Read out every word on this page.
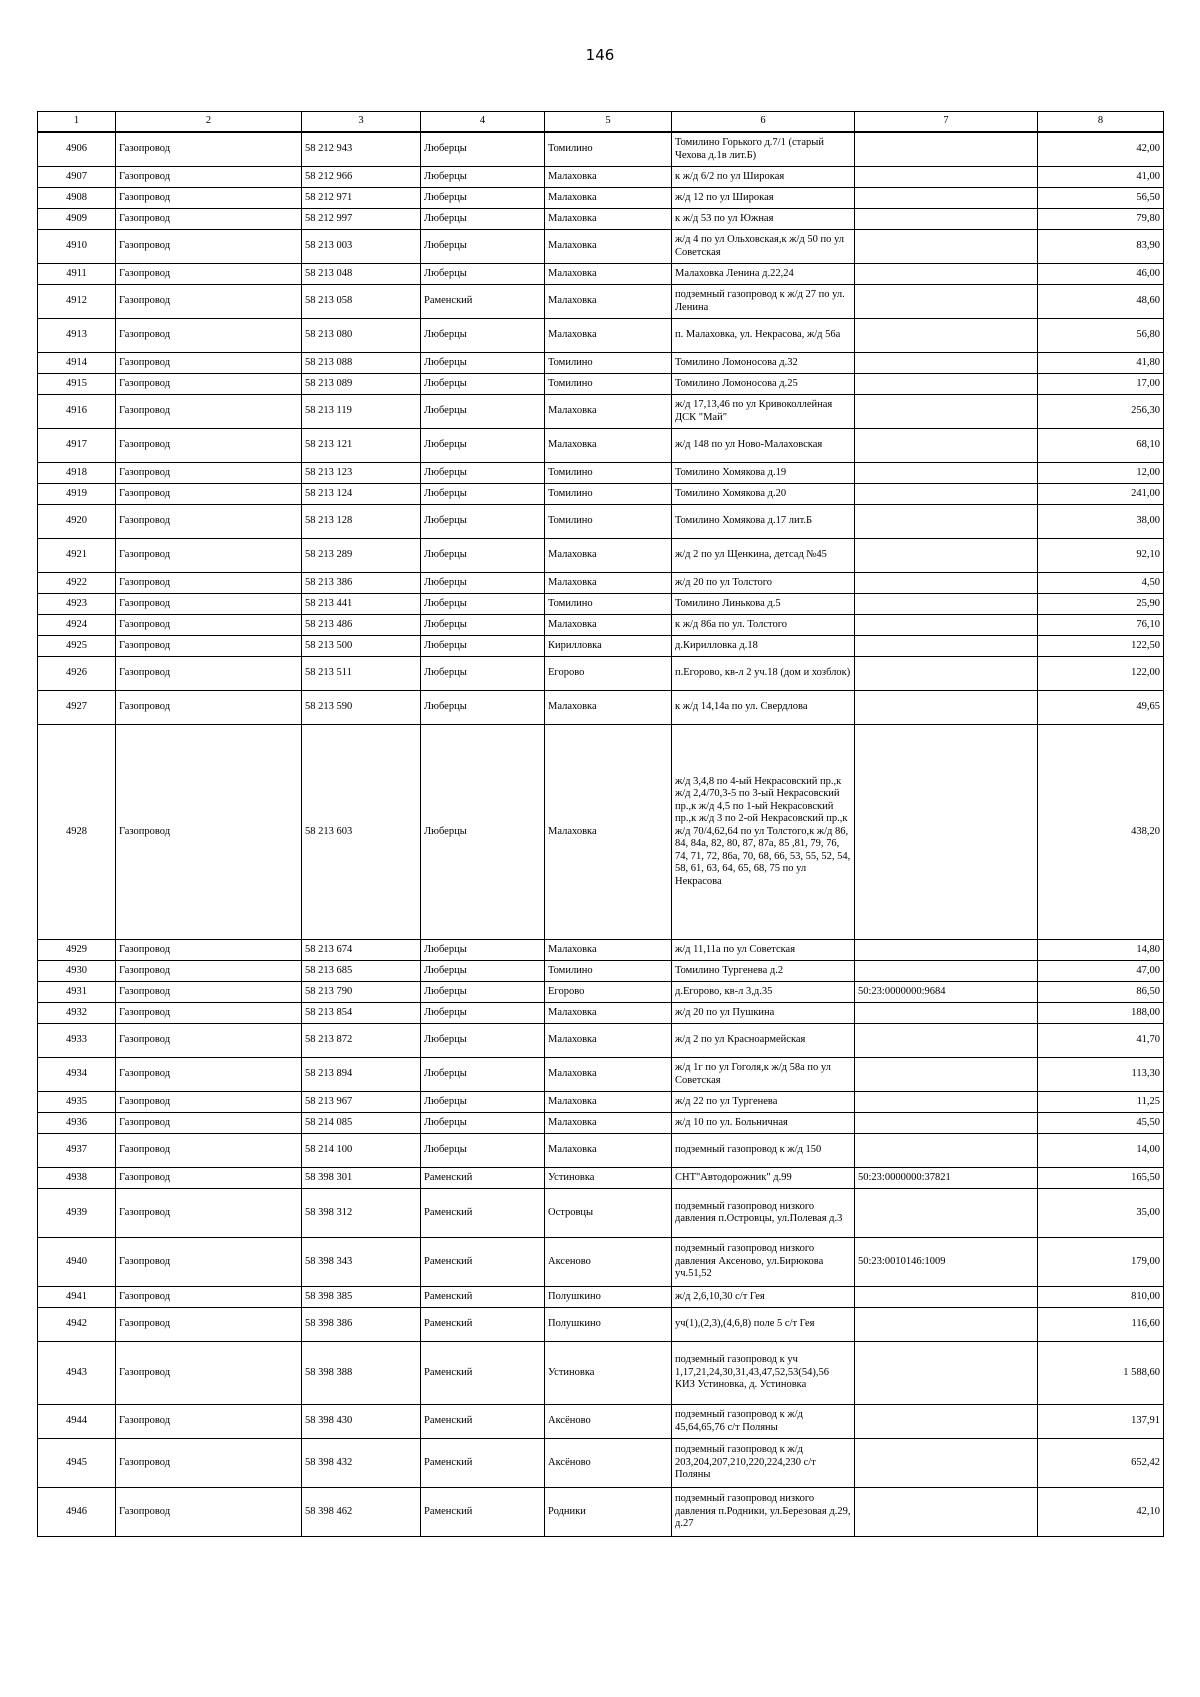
146
1	2	3	4	5	6	7	8
4906	Газопровод	58 212 943	Люберцы	Томилино	Томилино Горького д.7/1 (старый Чехова д.1в лит.Б)		42,00
4907	Газопровод	58 212 966	Люберцы	Малаховка	к ж/д 6/2 по ул Широкая		41,00
4908	Газопровод	58 212 971	Люберцы	Малаховка	ж/д 12 по ул Широкая		56,50
4909	Газопровод	58 212 997	Люберцы	Малаховка	к ж/д 53 по ул Южная		79,80
4910	Газопровод	58 213 003	Люберцы	Малаховка	ж/д 4 по ул Ольховская,к ж/д 50 по ул Советская		83,90
4911	Газопровод	58 213 048	Люберцы	Малаховка	Малаховка Ленина д.22,24		46,00
4912	Газопровод	58 213 058	Раменский	Малаховка	подземный газопровод к ж/д 27 по ул. Ленина		48,60
4913	Газопровод	58 213 080	Люберцы	Малаховка	п. Малаховка, ул. Некрасова, ж/д 56а		56,80
4914	Газопровод	58 213 088	Люберцы	Томилино	Томилино Ломоносова д.32		41,80
4915	Газопровод	58 213 089	Люберцы	Томилино	Томилино Ломоносова д.25		17,00
4916	Газопровод	58 213 119	Люберцы	Малаховка	ж/д 17,13,46 по ул Кривоколлейная ДСК "Май"		256,30
4917	Газопровод	58 213 121	Люберцы	Малаховка	ж/д 148 по ул Ново-Малаховская		68,10
4918	Газопровод	58 213 123	Люберцы	Томилино	Томилино Хомякова д.19		12,00
4919	Газопровод	58 213 124	Люберцы	Томилино	Томилино Хомякова д.20		241,00
4920	Газопровод	58 213 128	Люберцы	Томилино	Томилино Хомякова д.17 лит.Б		38,00
4921	Газопровод	58 213 289	Люберцы	Малаховка	ж/д 2 по ул Щенкина, детсад №45		92,10
4922	Газопровод	58 213 386	Люберцы	Малаховка	ж/д 20 по ул Толстого		4,50
4923	Газопровод	58 213 441	Люберцы	Томилино	Томилино Линькова д.5		25,90
4924	Газопровод	58 213 486	Люберцы	Малаховка	к ж/д 86а по ул. Толстого		76,10
4925	Газопровод	58 213 500	Люберцы	Кирилловка	д.Кирилловка д.18		122,50
4926	Газопровод	58 213 511	Люберцы	Егорово	п.Егорово, кв-л 2 уч.18 (дом и хозблок)		122,00
4927	Газопровод	58 213 590	Люберцы	Малаховка	к ж/д 14,14а по ул. Свердлова		49,65
4928	Газопровод	58 213 603	Люберцы	Малаховка	ж/д 3,4,8 по 4-ый Некрасовский пр.,к ж/д 2,4/70,3-5 по 3-ый Некрасовский пр.,к ж/д 4,5 по 1-ый Некрасовский пр.,к ж/д 3 по 2-ой Некрасовский пр.,к ж/д 70/4,62,64 по ул Толстого,к ж/д 86, 84, 84а, 82, 80, 87, 87а, 85 ,81, 79, 76, 74, 71, 72, 86а, 70, 68, 66, 53, 55, 52, 54, 58, 61, 63, 64, 65, 68, 75 по ул Некрасова		438,20
4929	Газопровод	58 213 674	Люберцы	Малаховка	ж/д 11,11а по ул Советская		14,80
4930	Газопровод	58 213 685	Люберцы	Томилино	Томилино Тургенева д.2		47,00
4931	Газопровод	58 213 790	Люберцы	Егорово	д.Егорово, кв-л 3,д.35	50:23:0000000:9684	86,50
4932	Газопровод	58 213 854	Люберцы	Малаховка	ж/д 20 по ул Пушкина		188,00
4933	Газопровод	58 213 872	Люберцы	Малаховка	ж/д 2 по ул Красноармейская		41,70
4934	Газопровод	58 213 894	Люберцы	Малаховка	ж/д 1г по ул Гоголя,к ж/д 58а по ул Советская		113,30
4935	Газопровод	58 213 967	Люберцы	Малаховка	ж/д 22 по ул Тургенева		11,25
4936	Газопровод	58 214 085	Люберцы	Малаховка	ж/д 10 по ул. Больничная		45,50
4937	Газопровод	58 214 100	Люберцы	Малаховка	подземный газопровод к ж/д 150		14,00
4938	Газопровод	58 398 301	Раменский	Устиновка	СНТ"Автодорожник" д.99	50:23:0000000:37821	165,50
4939	Газопровод	58 398 312	Раменский	Островцы	подземный газопровод низкого давления п.Островцы, ул.Полевая д.3		35,00
4940	Газопровод	58 398 343	Раменский	Аксеново	подземный газопровод низкого давления Аксеново, ул.Бирюкова уч.51,52	50:23:0010146:1009	179,00
4941	Газопровод	58 398 385	Раменский	Полушкино	ж/д 2,6,10,30 с/т Гея		810,00
4942	Газопровод	58 398 386	Раменский	Полушкино	уч(1),(2,3),(4,6,8) поле 5 с/т Гея		116,60
4943	Газопровод	58 398 388	Раменский	Устиновка	подземный газопровод к уч 1,17,21,24,30,31,43,47,52,53(54),56 КИЗ Устиновка, д. Устиновка		1 588,60
4944	Газопровод	58 398 430	Раменский	Аксёново	подземный газопровод к ж/д 45,64,65,76 с/т Поляны		137,91
4945	Газопровод	58 398 432	Раменский	Аксёново	подземный газопровод к ж/д 203,204,207,210,220,224,230 с/т Поляны		652,42
4946	Газопровод	58 398 462	Раменский	Родники	подземный газопровод низкого давления п.Родники, ул.Березовая д.29, д.27		42,10
